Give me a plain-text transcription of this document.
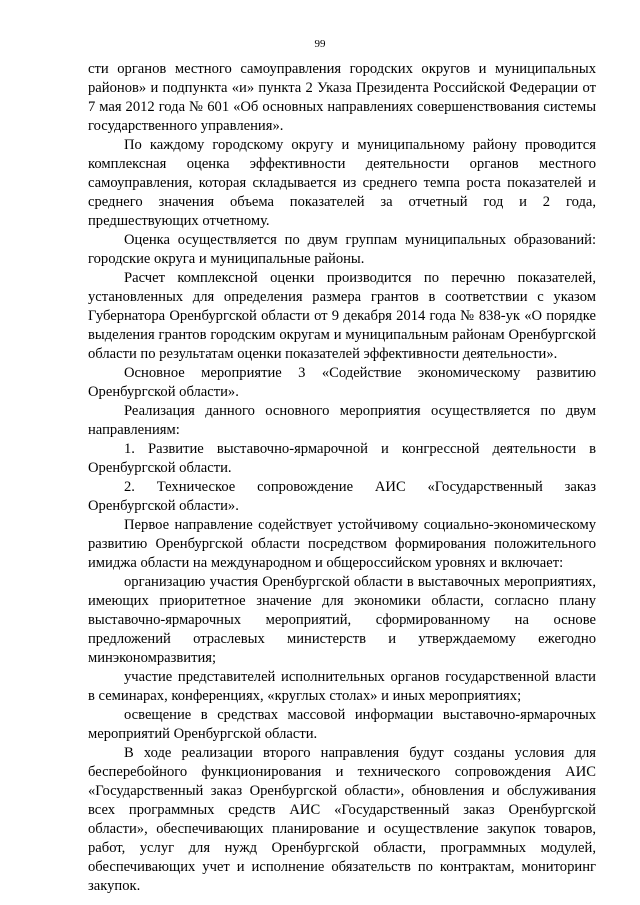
99

сти органов местного самоуправления городских округов и муниципальных районов» и подпункта «и» пункта 2 Указа Президента Российской Федерации от 7 мая 2012 года № 601 «Об основных направлениях совершенствования системы государственного управления».

По каждому городскому округу и муниципальному району проводится комплексная оценка эффективности деятельности органов местного самоуправления, которая складывается из среднего темпа роста показателей и среднего значения объема показателей за отчетный год и 2 года, предшествующих отчетному.

Оценка осуществляется по двум группам муниципальных образований: городские округа и муниципальные районы.

Расчет комплексной оценки производится по перечню показателей, установленных для определения размера грантов в соответствии с указом Губернатора Оренбургской области от 9 декабря 2014 года № 838-ук «О порядке выделения грантов городским округам и муниципальным районам Оренбургской области по результатам оценки показателей эффективности деятельности».

Основное мероприятие 3 «Содействие экономическому развитию Оренбургской области».

Реализация данного основного мероприятия осуществляется по двум направлениям:

1. Развитие выставочно-ярмарочной и конгрессной деятельности в Оренбургской области.

2. Техническое сопровождение АИС «Государственный заказ Оренбургской области».

Первое направление содействует устойчивому социально-экономическому развитию Оренбургской области посредством формирования положительного имиджа области на международном и общероссийском уровнях и включает:

организацию участия Оренбургской области в выставочных мероприятиях, имеющих приоритетное значение для экономики области, согласно плану выставочно-ярмарочных мероприятий, сформированному на основе предложений отраслевых министерств и утверждаемому ежегодно минэкономразвития;

участие представителей исполнительных органов государственной власти в семинарах, конференциях, «круглых столах» и иных мероприятиях;

освещение в средствах массовой информации выставочно-ярмарочных мероприятий Оренбургской области.

В ходе реализации второго направления будут созданы условия для бесперебойного функционирования и технического сопровождения АИС «Государственный заказ Оренбургской области», обновления и обслуживания всех программных средств АИС «Государственный заказ Оренбургской области», обеспечивающих планирование и осуществление закупок товаров, работ, услуг для нужд Оренбургской области, программных модулей, обеспечивающих учет и исполнение обязательств по контрактам, мониторинг закупок.
